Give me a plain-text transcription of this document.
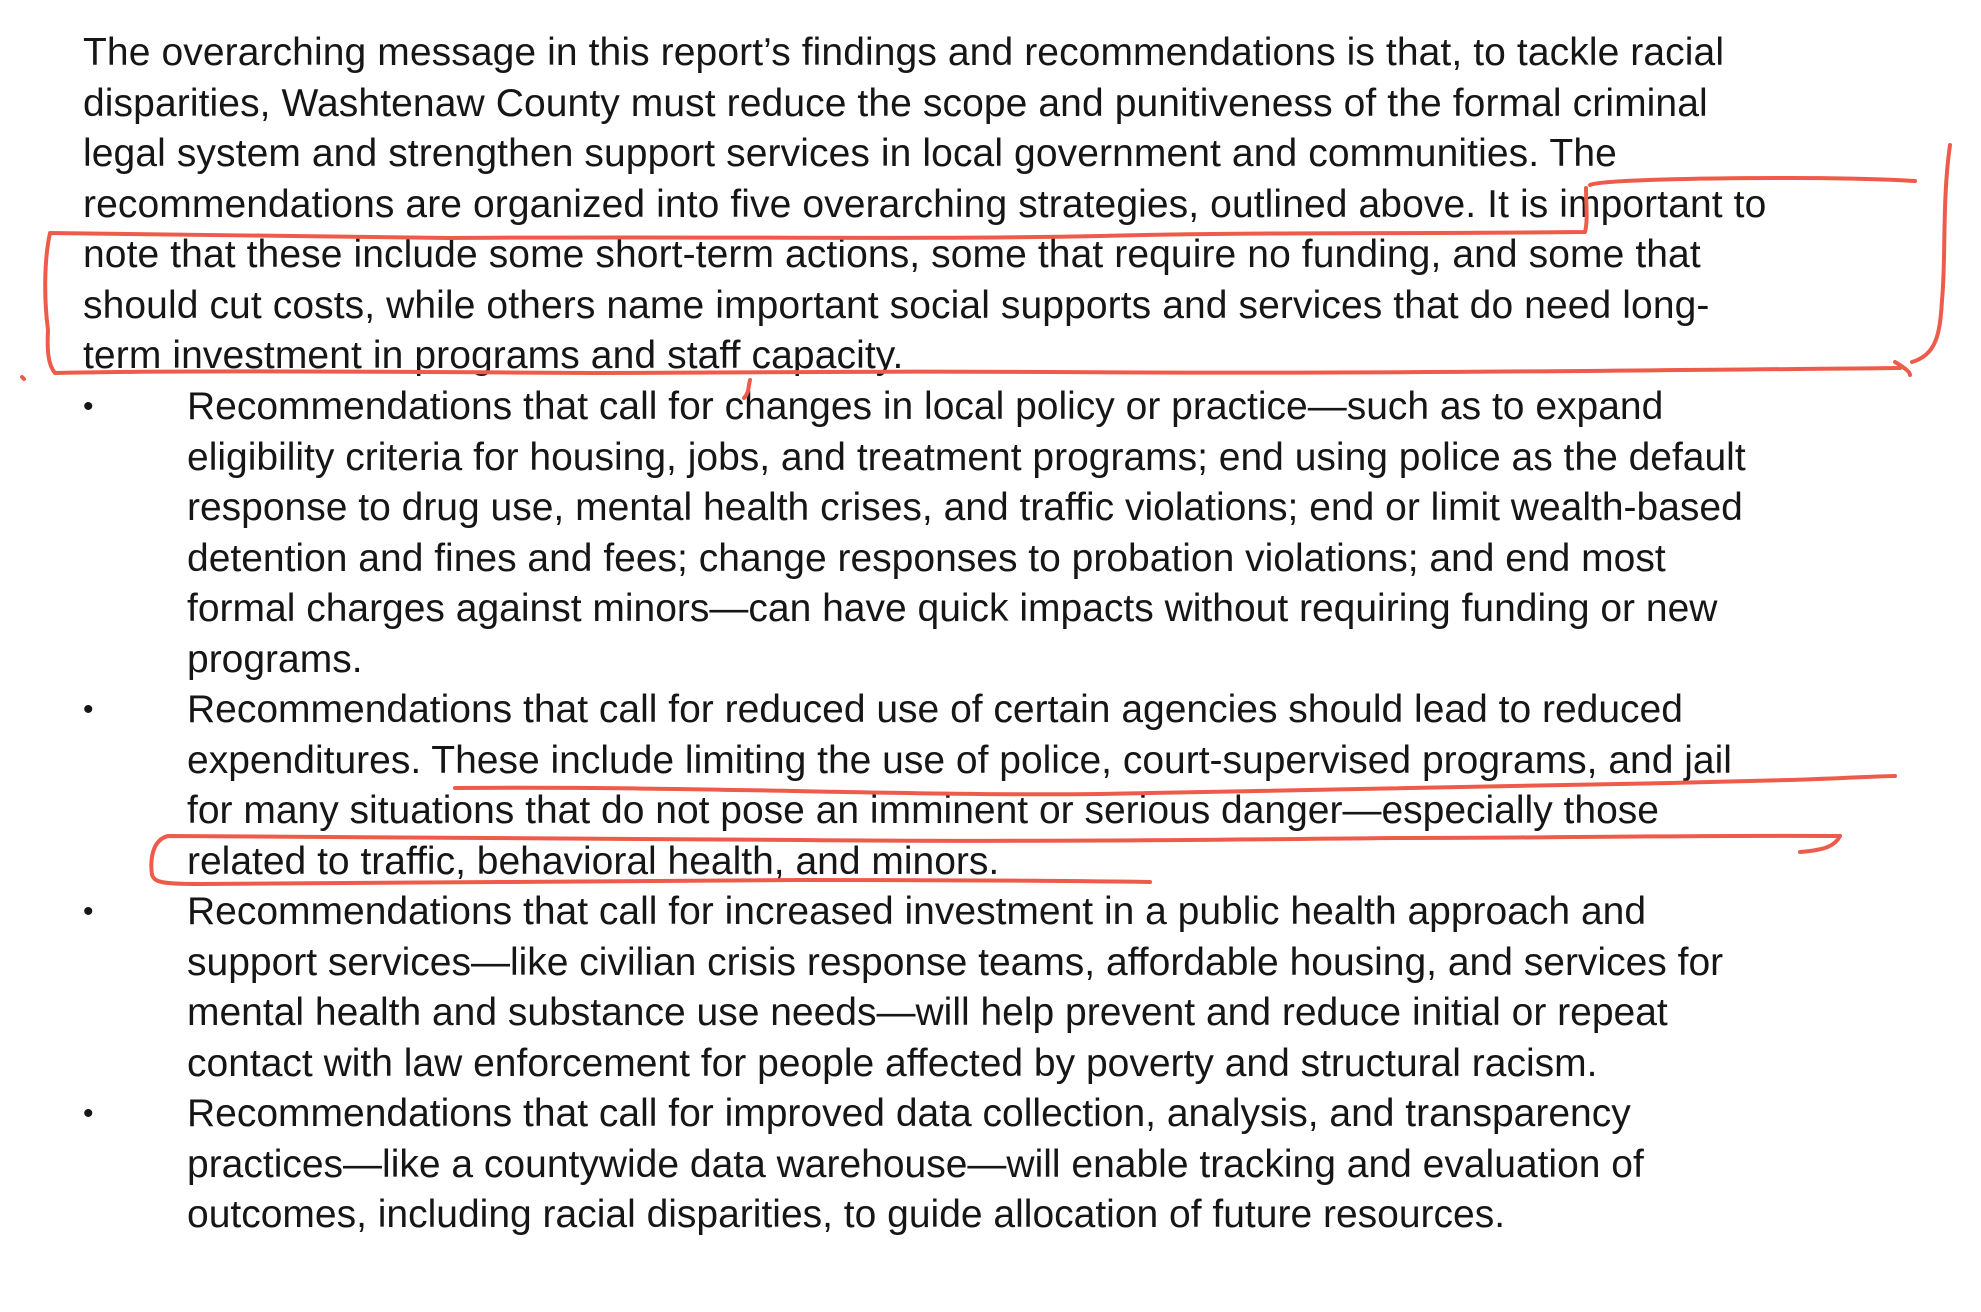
The overarching message in this report’s findings and recommendations is that, to tackle racial
disparities, Washtenaw County must reduce the scope and punitiveness of the formal criminal
legal system and strengthen support services in local government and communities. The
recommendations are organized into five overarching strategies, outlined above. It is important to
note that these include some short-term actions, some that require no funding, and some that
should cut costs, while others name important social supports and services that do need long-
term investment in programs and staff capacity.

•	Recommendations that call for changes in local policy or practice—such as to expand
eligibility criteria for housing, jobs, and treatment programs; end using police as the default
response to drug use, mental health crises, and traffic violations; end or limit wealth-based
detention and fines and fees; change responses to probation violations; and end most
formal charges against minors—can have quick impacts without requiring funding or new
programs.
•	Recommendations that call for reduced use of certain agencies should lead to reduced
expenditures. These include limiting the use of police, court-supervised programs, and jail
for many situations that do not pose an imminent or serious danger—especially those
related to traffic, behavioral health, and minors.
•	Recommendations that call for increased investment in a public health approach and
support services—like civilian crisis response teams, affordable housing, and services for
mental health and substance use needs—will help prevent and reduce initial or repeat
contact with law enforcement for people affected by poverty and structural racism.
•	Recommendations that call for improved data collection, analysis, and transparency
practices—like a countywide data warehouse—will enable tracking and evaluation of
outcomes, including racial disparities, to guide allocation of future resources.
